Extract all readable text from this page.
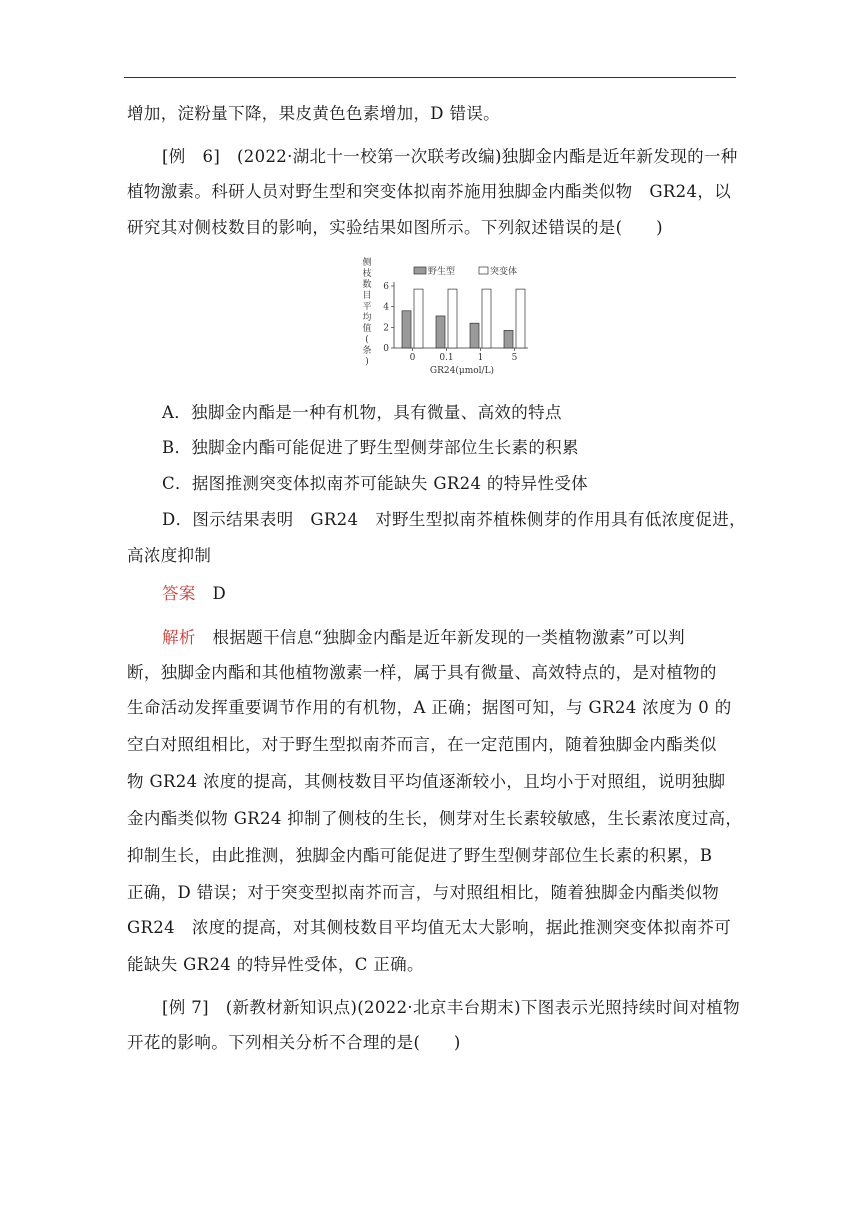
增加，淀粉量下降，果皮黄色色素增加，D 错误。
[例　6]　(2022·湖北十一校第一次联考改编)独脚金内酯是近年新发现的一种
植物激素。科研人员对野生型和突变体拟南芥施用独脚金内酯类似物　GR24，以
研究其对侧枝数目的影响，实验结果如图所示。下列叙述错误的是(　　)
侧
枝
数
目
平
均
值
(
条
)
野生型	突变体
0
2
4
6
0	0.1	1	5
GR24(μmol/L)
A．独脚金内酯是一种有机物，具有微量、高效的特点
B．独脚金内酯可能促进了野生型侧芽部位生长素的积累
C．据图推测突变体拟南芥可能缺失 GR24 的特异性受体
D．图示结果表明　GR24　对野生型拟南芥植株侧芽的作用具有低浓度促进，
高浓度抑制
答案 D
解析 根据题干信息“独脚金内酯是近年新发现的一类植物激素”可以判
断，独脚金内酯和其他植物激素一样，属于具有微量、高效特点的，是对植物的
生命活动发挥重要调节作用的有机物，A 正确；据图可知，与 GR24 浓度为 0 的
空白对照组相比，对于野生型拟南芥而言，在一定范围内，随着独脚金内酯类似
物 GR24 浓度的提高，其侧枝数目平均值逐渐较小，且均小于对照组，说明独脚
金内酯类似物 GR24 抑制了侧枝的生长，侧芽对生长素较敏感，生长素浓度过高，
抑制生长，由此推测，独脚金内酯可能促进了野生型侧芽部位生长素的积累，B
正确，D 错误；对于突变型拟南芥而言，与对照组相比，随着独脚金内酯类似物
GR24　浓度的提高，对其侧枝数目平均值无太大影响，据此推测突变体拟南芥可
能缺失 GR24 的特异性受体，C 正确。
[例 7]　(新教材新知识点)(2022·北京丰台期末)下图表示光照持续时间对植物
开花的影响。下列相关分析不合理的是(　　)
